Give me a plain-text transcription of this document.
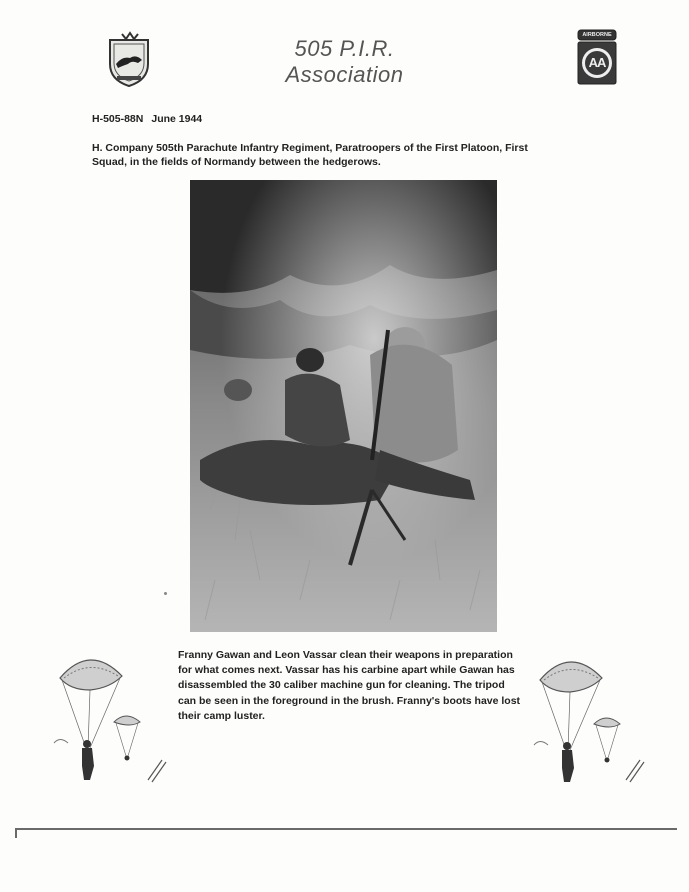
505 P.I.R.
Association
AIRBORNE
AA
H-505-88N June 1944
H. Company 505th Parachute Infantry Regiment, Paratroopers of the First Platoon, First Squad, in the fields of Normandy between the hedgerows.
Franny Gawan and Leon Vassar clean their weapons in preparation for what comes next. Vassar has his carbine apart while Gawan has disassembled the 30 caliber machine gun for cleaning. The tripod can be seen in the foreground in the brush. Franny's boots have lost their camp luster.
